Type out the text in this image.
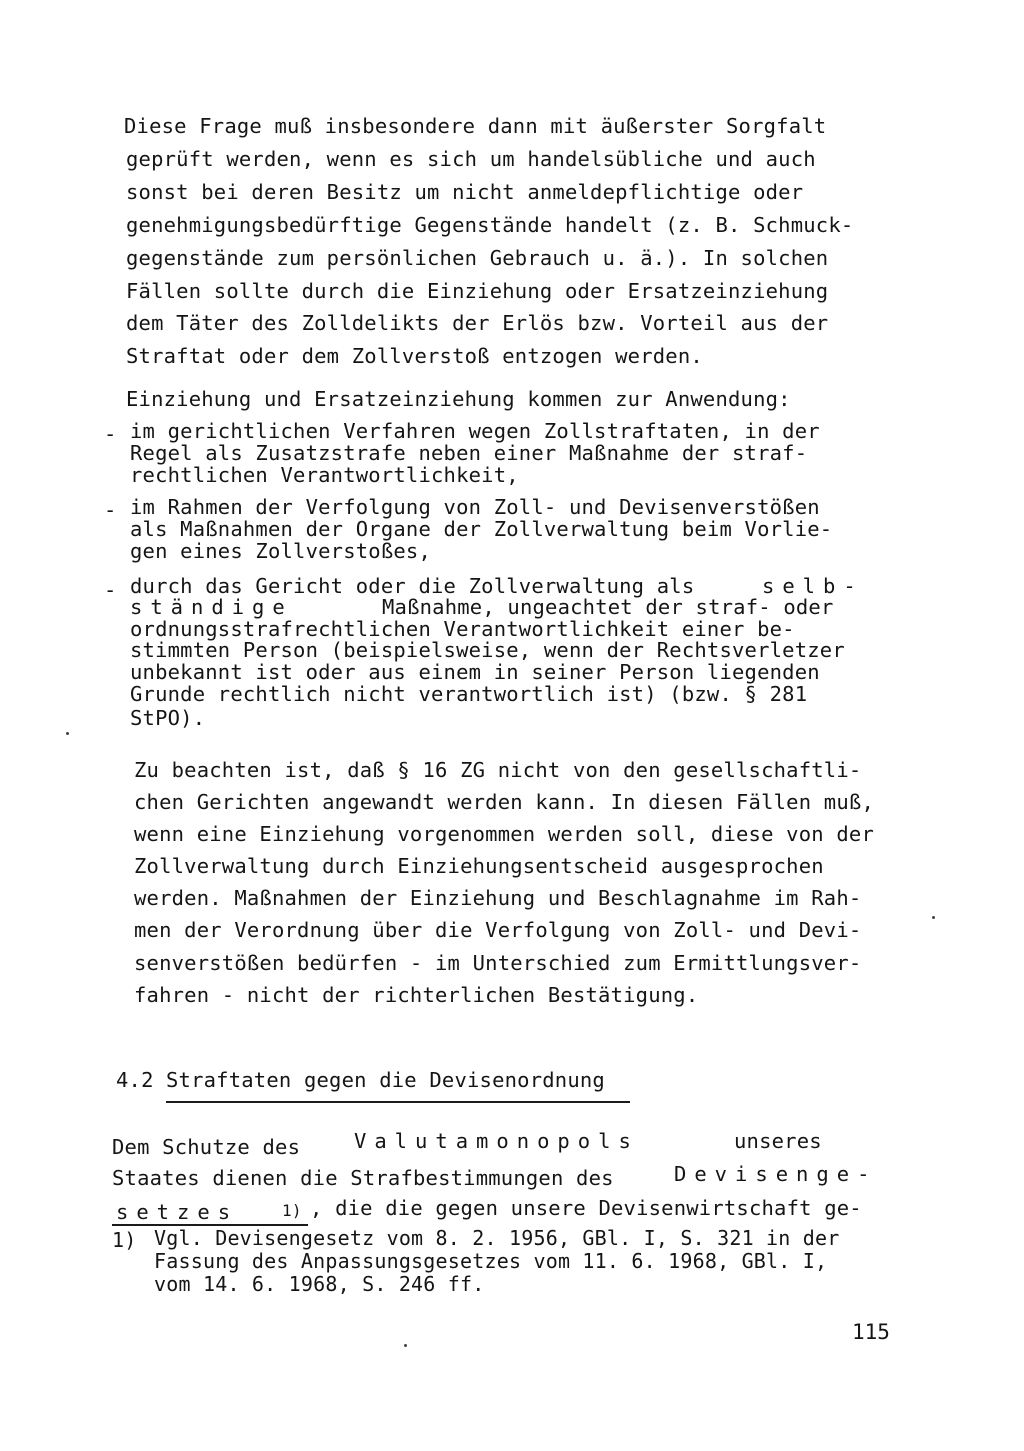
Diese Frage muß insbesondere dann mit äußerster Sorgfalt
geprüft werden, wenn es sich um handelsübliche und auch
sonst bei deren Besitz um nicht anmeldepflichtige oder
genehmigungsbedürftige Gegenstände handelt (z. B. Schmuck-
gegenstände zum persönlichen Gebrauch u. ä.). In solchen
Fällen sollte durch die Einziehung oder Ersatzeinziehung
dem Täter des Zolldelikts der Erlös bzw. Vorteil aus der
Straftat oder dem Zollverstoß entzogen werden.
Einziehung und Ersatzeinziehung kommen zur Anwendung:
- im gerichtlichen Verfahren wegen Zollstraftaten, in der
Regel als Zusatzstrafe neben einer Maßnahme der straf-
rechtlichen Verantwortlichkeit,
- im Rahmen der Verfolgung von Zoll- und Devisenverstößen
als Maßnahmen der Organe der Zollverwaltung beim Vorlie-
gen eines Zollverstoßes,
- durch das Gericht oder die Zollverwaltung als	selb-
ständige	Maßnahme, ungeachtet der straf- oder
ordnungsstrafrechtlichen Verantwortlichkeit einer be-
stimmten Person (beispielsweise, wenn der Rechtsverletzer
unbekannt ist oder aus einem in seiner Person liegenden
Grunde rechtlich nicht verantwortlich ist) (bzw. § 281
StPO).
Zu beachten ist, daß § 16 ZG nicht von den gesellschaftli-
chen Gerichten angewandt werden kann. In diesen Fällen muß,
wenn eine Einziehung vorgenommen werden soll, diese von der
Zollverwaltung durch Einziehungsentscheid ausgesprochen
werden. Maßnahmen der Einziehung und Beschlagnahme im Rah-
men der Verordnung über die Verfolgung von Zoll- und Devi-
senverstößen bedürfen - im Unterschied zum Ermittlungsver-
fahren - nicht der richterlichen Bestätigung.
4.2 Straftaten gegen die Devisenordnung
Dem Schutze des	Valutamonopols	unseres
Staates dienen die Strafbestimmungen des	Devisenge-
setzes	1) , die die gegen unsere Devisenwirtschaft ge-
1) Vgl. Devisengesetz vom 8. 2. 1956, GBl. I, S. 321 in der
Fassung des Anpassungsgesetzes vom 11. 6. 1968, GBl. I,
vom 14. 6. 1968, S. 246 ff.
115
